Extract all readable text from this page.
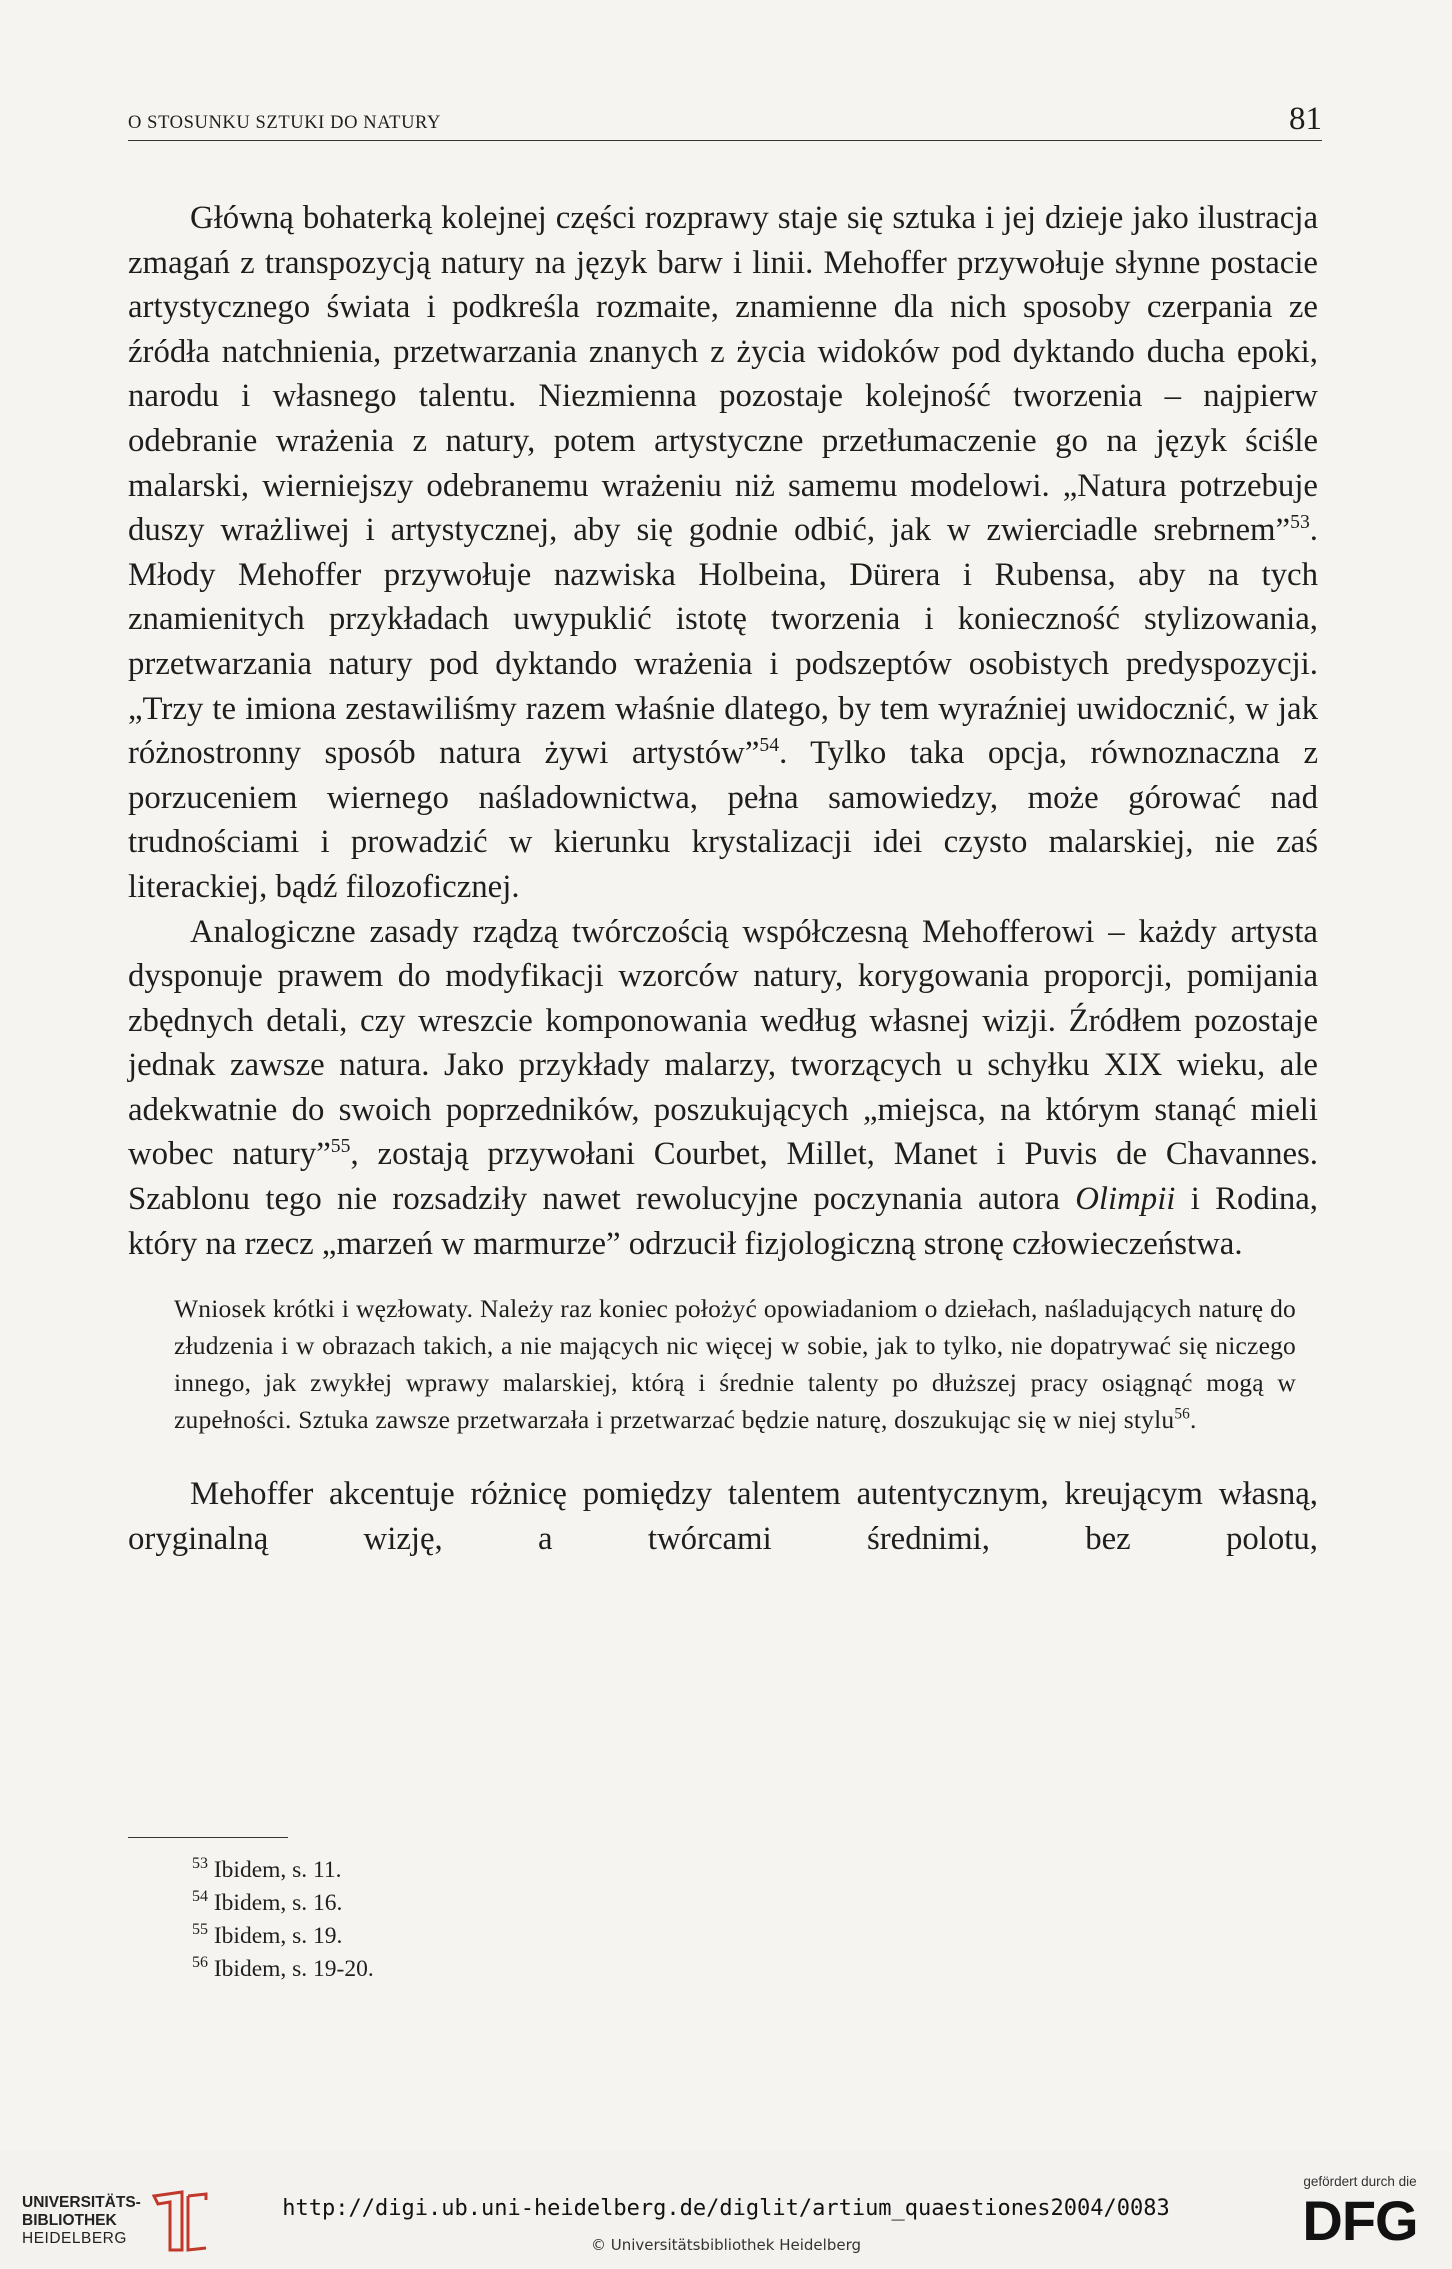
O STOSUNKU SZTUKI DO NATURY	81

Główną bohaterką kolejnej części rozprawy staje się sztuka i jej dzieje jako ilustracja zmagań z transpozycją natury na język barw i linii. Mehoffer przywołuje słynne postacie artystycznego świata i podkreśla rozmaite, znamienne dla nich sposoby czerpania ze źródła natchnienia, przetwarzania znanych z życia widoków pod dyktando ducha epoki, narodu i własnego talentu. Niezmienna pozostaje kolejność tworzenia – najpierw odebranie wrażenia z natury, potem artystyczne przetłumaczenie go na język ściśle malarski, wierniejszy odebranemu wrażeniu niż samemu modelowi. „Natura potrzebuje duszy wrażliwej i artystycznej, aby się godnie odbić, jak w zwierciadle srebrnem”$^{53}$. Młody Mehoffer przywołuje nazwiska Holbeina, Dürera i Rubensa, aby na tych znamienitych przykładach uwypuklić istotę tworzenia i konieczność stylizowania, przetwarzania natury pod dyktando wrażenia i podszeptów osobistych predyspozycji. „Trzy te imiona zestawiliśmy razem właśnie dlatego, by tem wyraźniej uwidocznić, w jak różnostronny sposób natura żywi artystów”$^{54}$. Tylko taka opcja, równoznaczna z porzuceniem wiernego naśladownictwa, pełna samowiedzy, może górować nad trudnościami i prowadzić w kierunku krystalizacji idei czysto malarskiej, nie zaś literackiej, bądź filozoficznej.

Analogiczne zasady rządzą twórczością współczesną Mehofferowi – każdy artysta dysponuje prawem do modyfikacji wzorców natury, korygowania proporcji, pomijania zbędnych detali, czy wreszcie komponowania według własnej wizji. Źródłem pozostaje jednak zawsze natura. Jako przykłady malarzy, tworzących u schyłku XIX wieku, ale adekwatnie do swoich poprzedników, poszukujących „miejsca, na którym stanąć mieli wobec natury”$^{55}$, zostają przywołani Courbet, Millet, Manet i Puvis de Chavannes. Szablonu tego nie rozsadziły nawet rewolucyjne poczynania autora Olimpii i Rodina, który na rzecz „marzeń w marmurze” odrzucił fizjologiczną stronę człowieczeństwa.

Wniosek krótki i węzłowaty. Należy raz koniec położyć opowiadaniom o dziełach, naśladujących naturę do złudzenia i w obrazach takich, a nie mających nic więcej w sobie, jak to tylko, nie dopatrywać się niczego innego, jak zwykłej wprawy malarskiej, którą i średnie talenty po dłuższej pracy osiągnąć mogą w zupełności. Sztuka zawsze przetwarzała i przetwarzać będzie naturę, doszukując się w niej stylu$^{56}$.

Mehoffer akcentuje różnicę pomiędzy talentem autentycznym, kreującym własną, oryginalną wizję, a twórcami średnimi, bez polotu,

$^{53}$ Ibidem, s. 11.
$^{54}$ Ibidem, s. 16.
$^{55}$ Ibidem, s. 19.
$^{56}$ Ibidem, s. 19-20.
UNIVERSITÄTS-
BIBLIOTHEK
HEIDELBERG
http://digi.ub.uni-heidelberg.de/diglit/artium_quaestiones2004/0083
© Universitätsbibliothek Heidelberg
gefördert durch die
DFG
